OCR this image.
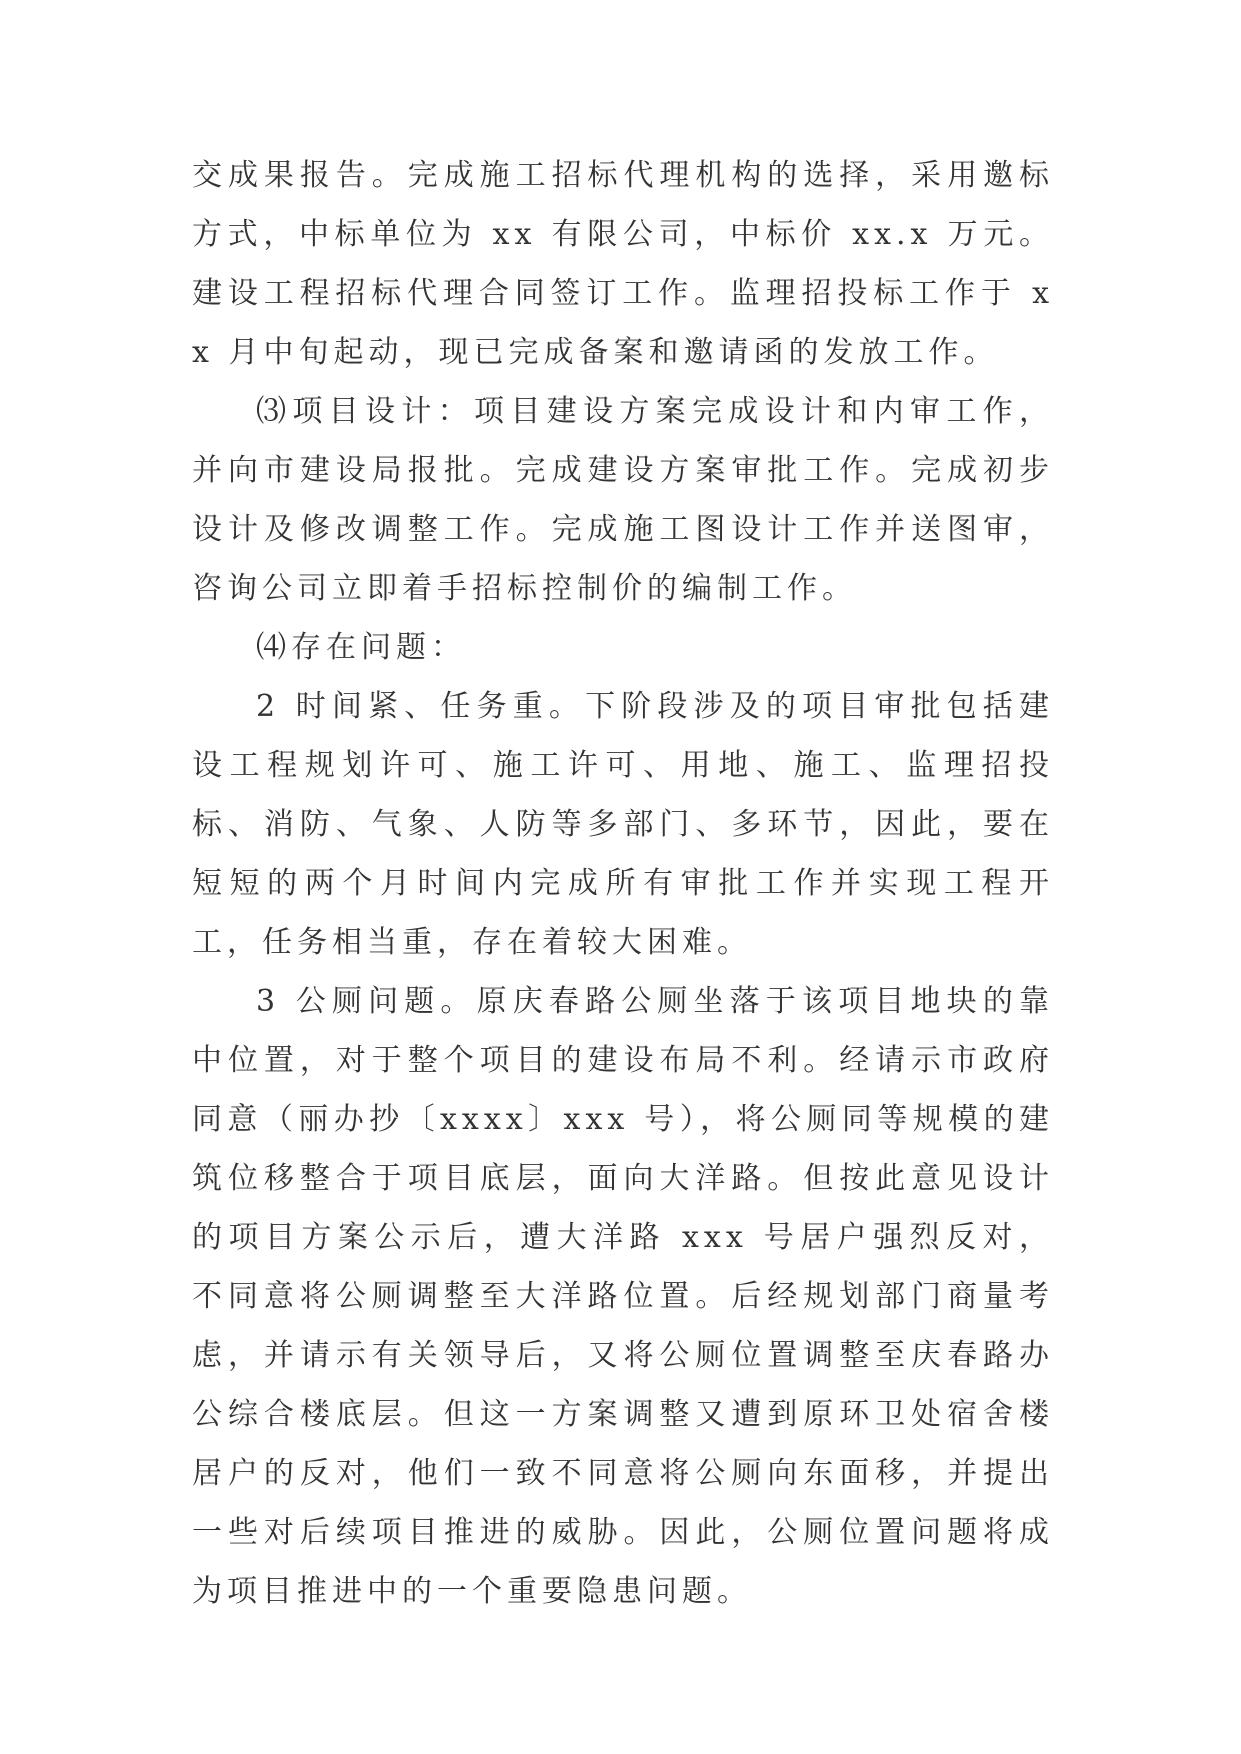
交成果报告。完成施工招标代理机构的选择，采用邀标方式，中标单位为 xx 有限公司，中标价 xx.x 万元。建设工程招标代理合同签订工作。监理招投标工作于 xx 月中旬起动，现已完成备案和邀请函的发放工作。

⑶项目设计：项目建设方案完成设计和内审工作，并向市建设局报批。完成建设方案审批工作。完成初步设计及修改调整工作。完成施工图设计工作并送图审，咨询公司立即着手招标控制价的编制工作。

⑷存在问题：

2 时间紧、任务重。下阶段涉及的项目审批包括建设工程规划许可、施工许可、用地、施工、监理招投标、消防、气象、人防等多部门、多环节，因此，要在短短的两个月时间内完成所有审批工作并实现工程开工，任务相当重，存在着较大困难。

3 公厕问题。原庆春路公厕坐落于该项目地块的靠中位置，对于整个项目的建设布局不利。经请示市政府同意（丽办抄〔xxxx〕xxx 号），将公厕同等规模的建筑位移整合于项目底层，面向大洋路。但按此意见设计的项目方案公示后，遭大洋路 xxx 号居户强烈反对，不同意将公厕调整至大洋路位置。后经规划部门商量考虑，并请示有关领导后，又将公厕位置调整至庆春路办公综合楼底层。但这一方案调整又遭到原环卫处宿舍楼居户的反对，他们一致不同意将公厕向东面移，并提出一些对后续项目推进的威胁。因此，公厕位置问题将成为项目推进中的一个重要隐患问题。
